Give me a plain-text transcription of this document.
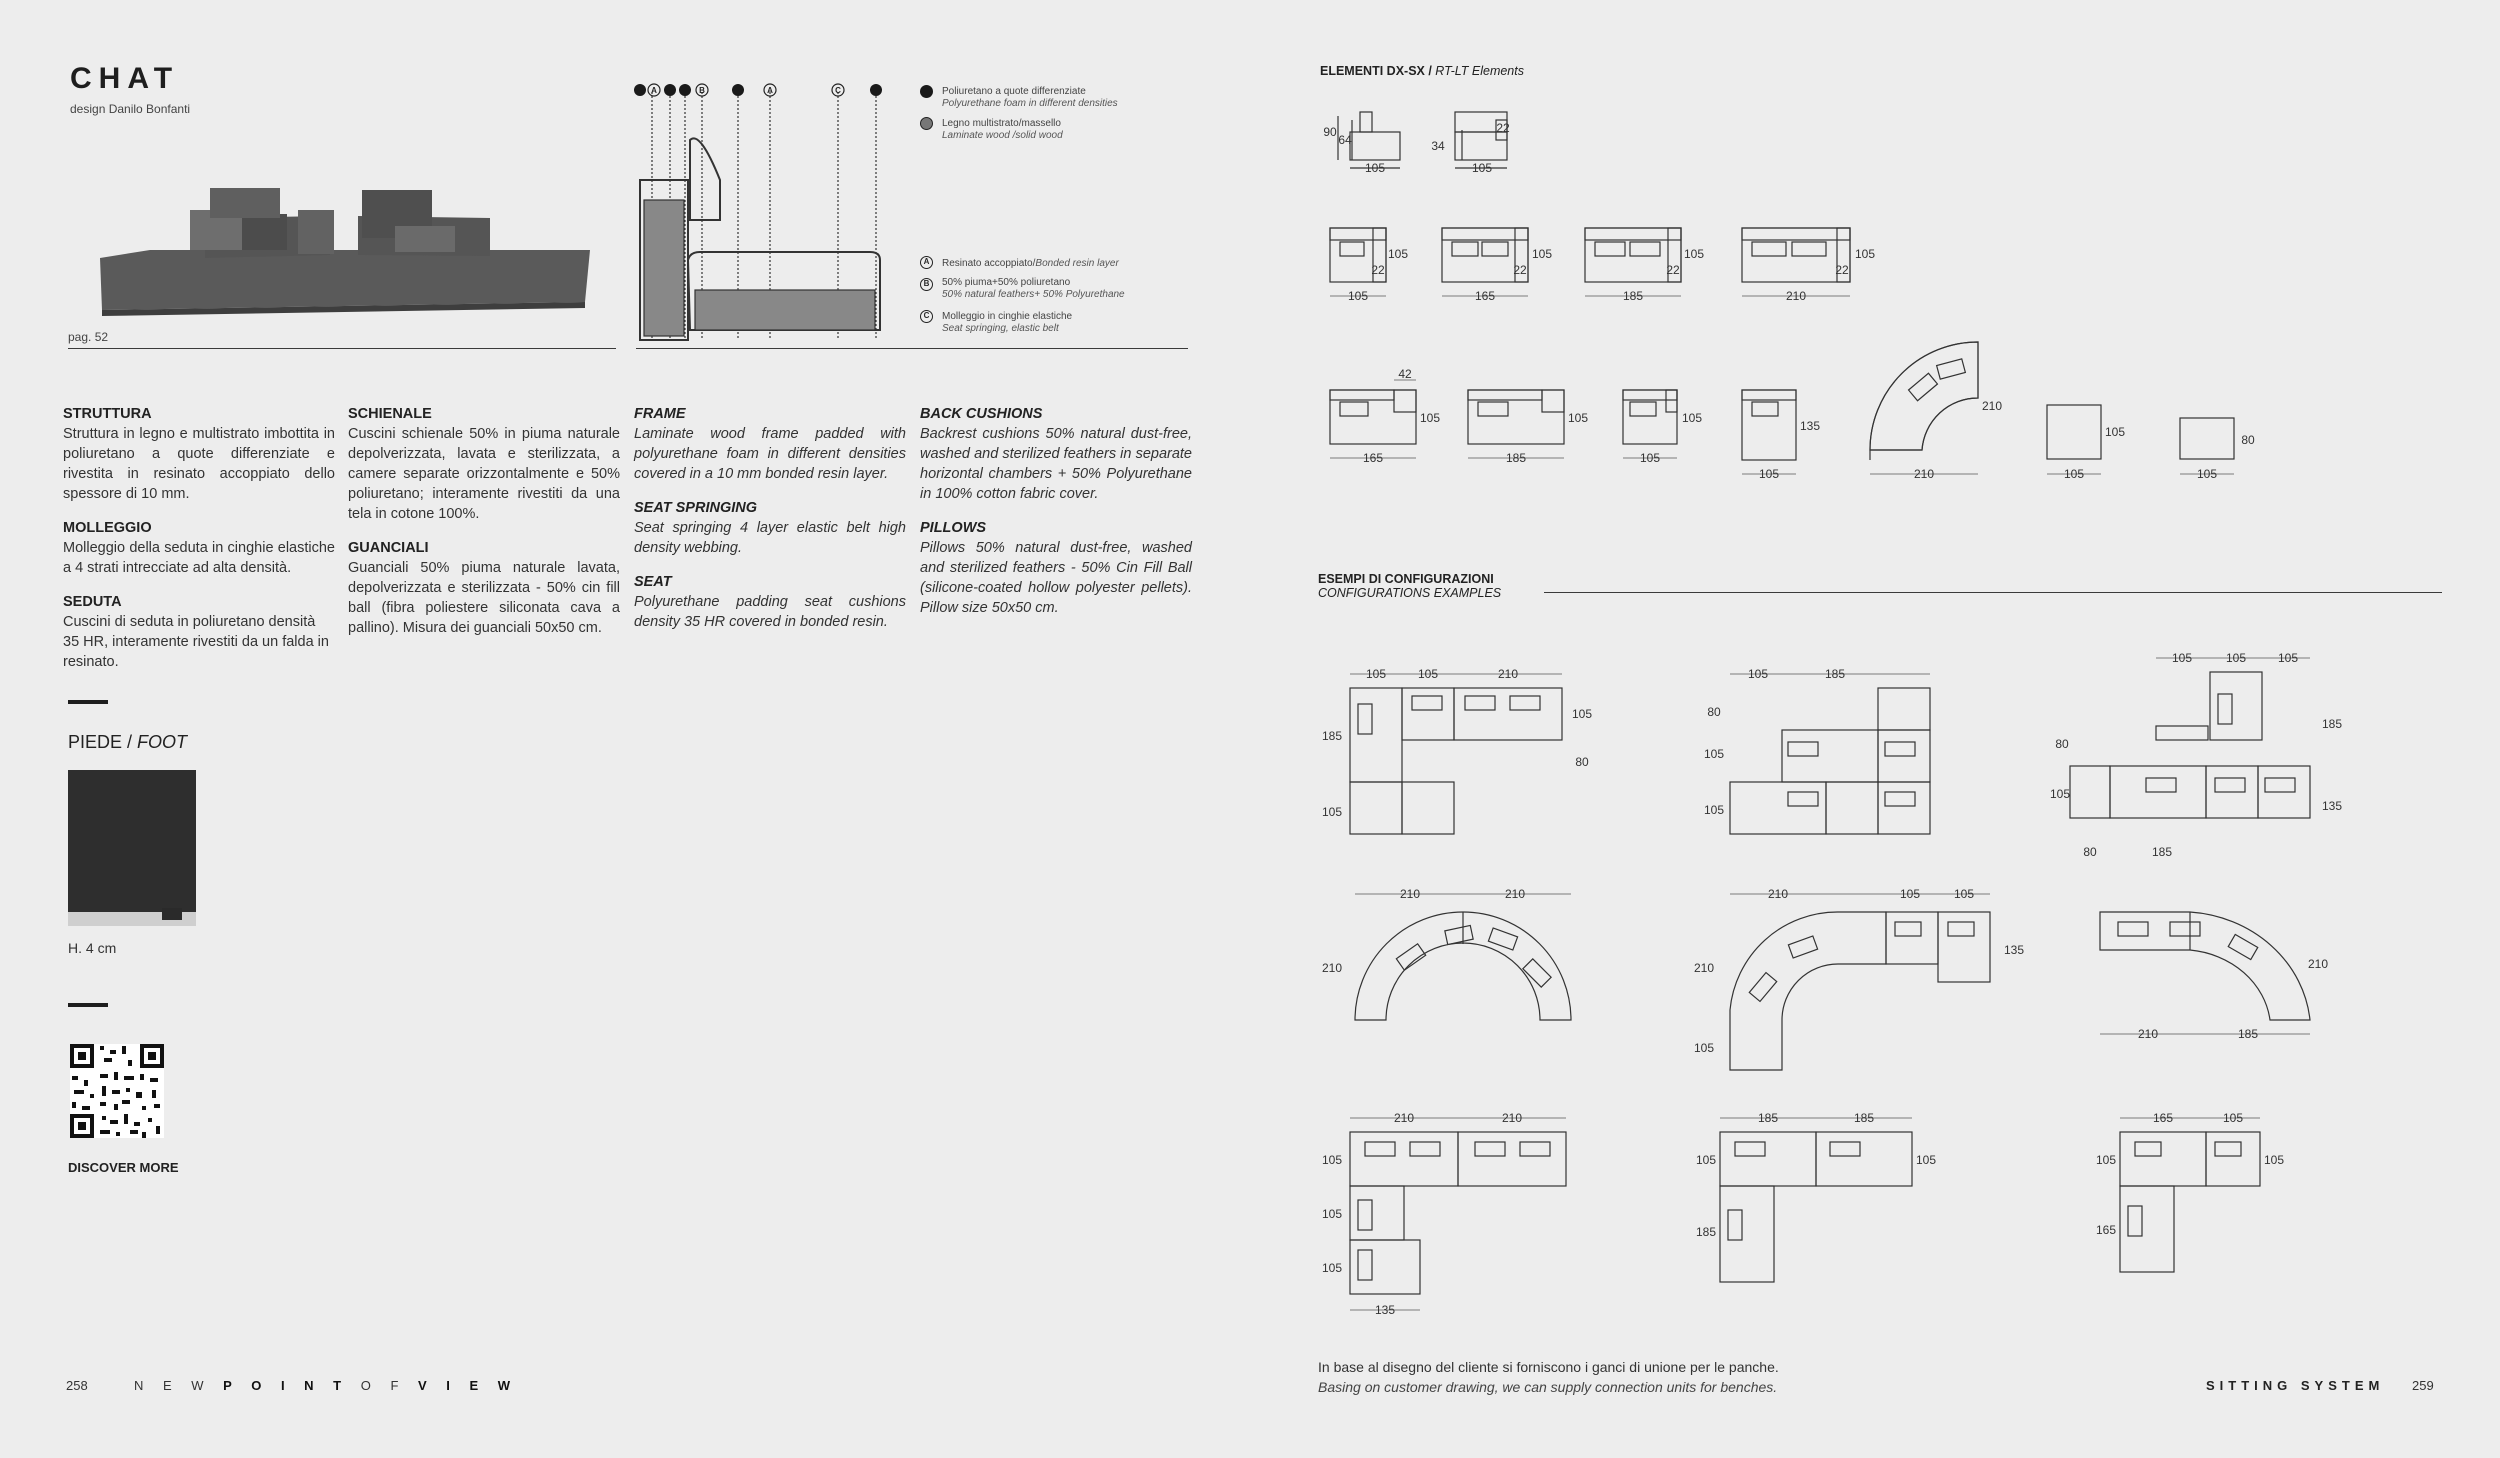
CHAT
design Danilo Bonfanti
pag. 52
A	B	A	C	Poliuretano a quote differenziate
Polyurethane foam in different densities
Legno multistrato/massello
Laminate wood /solid wood
A	Resinato accoppiato/Bonded resin layer
B	50% piuma+50% poliuretano
50% natural feathers+ 50% Polyurethane
C	Molleggio in cinghie elastiche
Seat springing, elastic belt
STRUTTURA

Struttura in legno e multistrato imbottita in poliuretano a quote differenziate e rivestita in resinato accoppiato dello spessore di 10 mm.

MOLLEGGIO

Molleggio della seduta in cinghie elastiche a 4 strati intrecciate ad alta densità.

SEDUTA

Cuscini di seduta in poliuretano densità 35 HR, interamente rivestiti da un falda in resinato.

SCHIENALE

Cuscini schienale 50% in piuma naturale depolverizzata, lavata e sterilizzata, a camere separate orizzontalmente e 50% poliuretano; interamente rivestiti da una tela in cotone 100%.

GUANCIALI

Guanciali 50% piuma naturale lavata, depolverizzata e sterilizzata - 50% cin fill ball (fibra poliestere siliconata cava a pallino). Misura dei guanciali 50x50 cm.

FRAME

Laminate wood frame padded with polyurethane foam in different densities covered in a 10 mm bonded resin layer.

SEAT SPRINGING

Seat springing 4 layer elastic belt high density webbing.

SEAT

Polyurethane padding seat cushions density 35 HR covered in bonded resin.

BACK CUSHIONS

Backrest cushions 50% natural dust-free, washed and sterilized feathers in separate horizontal chambers + 50% Polyurethane in 100% cotton fabric cover.

PILLOWS

Pillows 50% natural dust-free, washed and sterilized feathers - 50% Cin Fill Ball (silicone-coated hollow polyester pellets). Pillow size 50x50 cm.

PIEDE / FOOT
H. 4 cm
DISCOVER MORE
258	N E W P O I N T O F V I E W
ELEMENTI DX-SX / RT-LT Elements
90
64
105
34
105
22
105
105
22
165
105
22
185
105
22
210
105
22
165
105
42
185
105
105
105
105
135
210
210
105
105
105
80
ESEMPI DI CONFIGURAZIONI
CONFIGURATIONS EXAMPLES
105	105	210
185
105
105
80
105	185
80
105
105
105	105	105
80
105
185
135
80	185
210	210
210
210	105	105
210
105
135
210	185
210
210	210
105
105
105
135
185	185
105	105
185
165	105
105	105
165
In base al disegno del cliente si forniscono i ganci di unione per le panche.
Basing on customer drawing, we can supply connection units for benches.	SITTING SYSTEM 259
